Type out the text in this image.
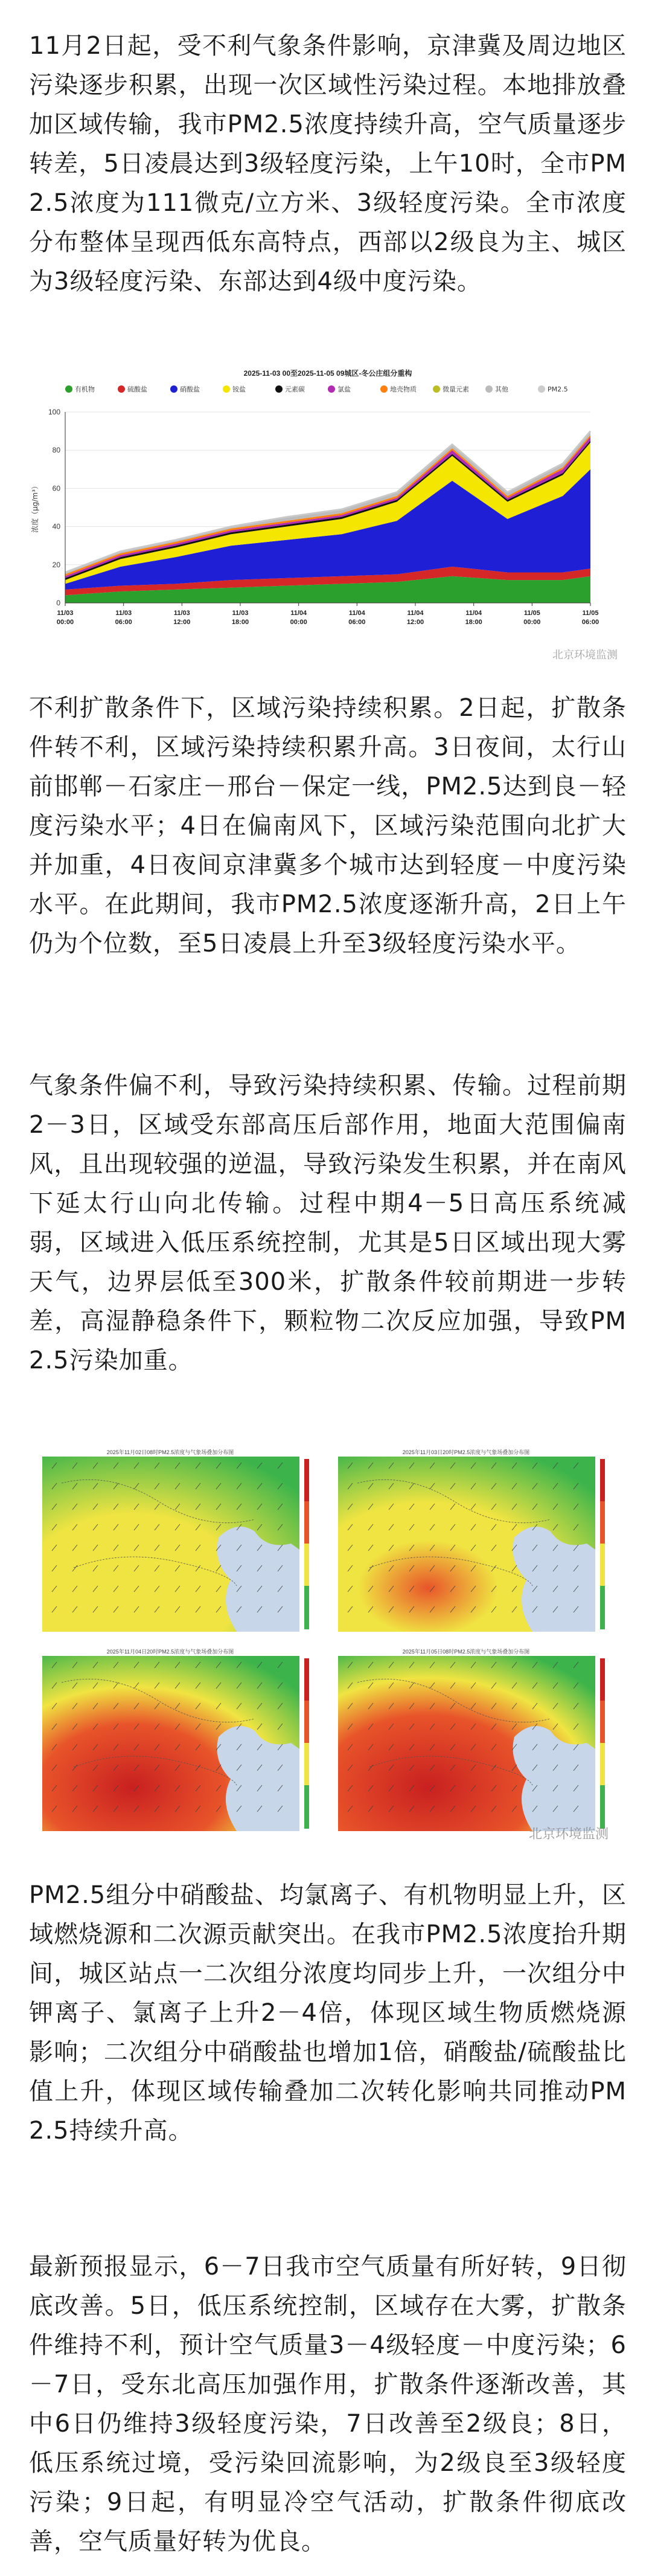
11月2日起，受不利气象条件影响，京津冀及周边地区污染逐步积累，出现一次区域性污染过程。本地排放叠加区域传输，我市PM2.5浓度持续升高，空气质量逐步转差，5日凌晨达到3级轻度污染，上午10时，全市PM2.5浓度为111微克/立方米、3级轻度污染。全市浓度分布整体呈现西低东高特点，西部以2级良为主、城区为3级轻度污染、东部达到4级中度污染。

2025-11-03 00至2025-11-05 09城区-冬公庄组分重构
有机物	硫酸盐	硝酸盐	铵盐	元素碳	氯盐	地壳物质	微量元素	其他	PM2.5
0
20
40
60
80
100
11/03
00:00
11/03
06:00
11/03
12:00
11/03
18:00
11/04
00:00
11/04
06:00
11/04
12:00
11/04
18:00
11/05
00:00
11/05
06:00
浓度（μg/m³）
北京环境监测

不利扩散条件下，区域污染持续积累。2日起，扩散条件转不利，区域污染持续积累升高。3日夜间，太行山前邯郸－石家庄－邢台－保定一线，PM2.5达到良－轻度污染水平；4日在偏南风下，区域污染范围向北扩大并加重，4日夜间京津冀多个城市达到轻度－中度污染水平。在此期间，我市PM2.5浓度逐渐升高，2日上午仍为个位数，至5日凌晨上升至3级轻度污染水平。

气象条件偏不利，导致污染持续积累、传输。过程前期2－3日，区域受东部高压后部作用，地面大范围偏南风，且出现较强的逆温，导致污染发生积累，并在南风下延太行山向北传输。过程中期4－5日高压系统减弱，区域进入低压系统控制，尤其是5日区域出现大雾天气，边界层低至300米，扩散条件较前期进一步转差，高湿静稳条件下，颗粒物二次反应加强，导致PM2.5污染加重。

2025年11月02日08时PM2.5浓度与气象场叠加分布图	2025年11月03日20时PM2.5浓度与气象场叠加分布图
2025年11月04日20时PM2.5浓度与气象场叠加分布图	2025年11月05日08时PM2.5浓度与气象场叠加分布图
北京环境监测

PM2.5组分中硝酸盐、均氯离子、有机物明显上升，区域燃烧源和二次源贡献突出。在我市PM2.5浓度抬升期间，城区站点一二次组分浓度均同步上升，一次组分中钾离子、氯离子上升2－4倍，体现区域生物质燃烧源影响；二次组分中硝酸盐也增加1倍，硝酸盐/硫酸盐比值上升，体现区域传输叠加二次转化影响共同推动PM2.5持续升高。

最新预报显示，6－7日我市空气质量有所好转，9日彻底改善。5日，低压系统控制，区域存在大雾，扩散条件维持不利，预计空气质量3－4级轻度－中度污染；6－7日，受东北高压加强作用，扩散条件逐渐改善，其中6日仍维持3级轻度污染，7日改善至2级良；8日，低压系统过境，受污染回流影响，为2级良至3级轻度污染；9日起，有明显冷空气活动，扩散条件彻底改善，空气质量好转为优良。
